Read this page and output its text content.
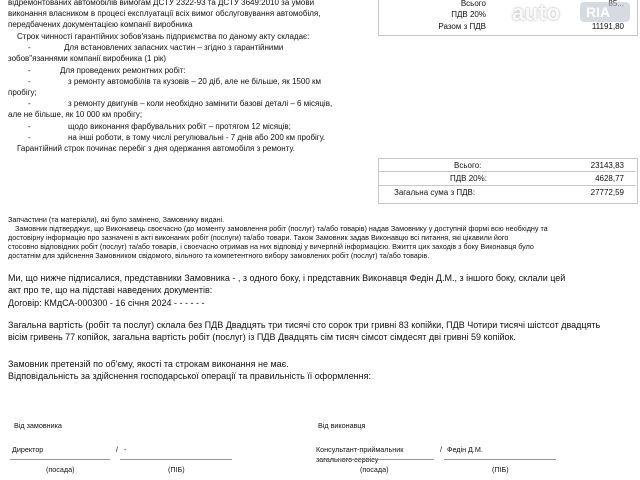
Всього
ПДВ 20%
Разом з ПДВ	11191,80
auto RIA
відремонтованих автомобілів вимогам ДСТУ 2322-93 та ДСТУ 3649:2010 за умови
виконання власником в процесі експлуатації всіх вимог обслуговування автомобіля,
передбачених документацією компанії виробника
Строк чинності гарантійних зобов'язань підприємства по даному акту складає:
-	Для встановлених запасних частин – згідно з гарантійними
зобов"язаннями компанії виробника (1 рік)
-	Для проведених ремонтних робіт:
-	з ремонту автомобілів та кузовів – 20 діб, але не більше, як 1500 км
пробігу;
-	з ремонту двигунів – коли необхідно замінити базові деталі – 6 місяців,
але не більше, як 10 000 км пробігу;
-	щодо виконання фарбувальних робіт – протягом 12 місяців;
-	на інші роботи, в тому числі регулювальні - 7 днів або 200 км пробігу.
Гарантійний строк починає перебіг з дня одержання автомобіля з ремонту.
Всього:	23143,83
ПДВ 20%:	4628,77
Загальна сума з ПДВ:	27772,59
Запчастини (та матеріали), які було замінено, Замовнику видані.
Замовник підтверджує, що Виконавець своєчасно (до моменту замовлення робіт (послуг) та/або товарів) надав Замовнику у доступній формі всю необхідну та
достовірну інформацію про зазначені в акті виконаних робіт (послуги) та/або товари. Також Замовник задав Виконавцю всі питання, які цікавили його
стосовно відповідних робіт (послуг) та/або товарів, і своєчасно отримав на них відповіді у вичерпній інформацією. Вжиття цих заходів з боку Виконавця було
достатнім для здійснення Замовником свідомого, вільного та компетентного вибору замовлених робіт (послуг) та/або товарів.
Ми, що нижче підписалися, представники Замовника - , з одного боку, і представник Виконавця Федін Д.М., з іншого боку, склали цей
акт про те, що на підставі наведених документів:
Договір: КМдСА-000300 - 16 січня 2024 - - - - - -
Загальна вартість (робіт та послуг) склала без ПДВ Двадцять три тисячі сто сорок три гривні 83 копійки, ПДВ Чотири тисячі шістсот двадцять
вісім гривень 77 копійок, загальна вартість робіт (послуг) із ПДВ Двадцять сім тисяч сімсот сімдесят дві гривні 59 копійок.
Замовник претензій по об'єму, якості та строкам виконання не має.
Відповідальність за здійснення господарської операції та правильність її оформлення:
Від замовника
Директор	/ -
(посада)	(ПІБ)
Від виконавця
Консультант-приймальник
загального сервісу
/ Федін Д.М.
(посада)	(ПІБ)
